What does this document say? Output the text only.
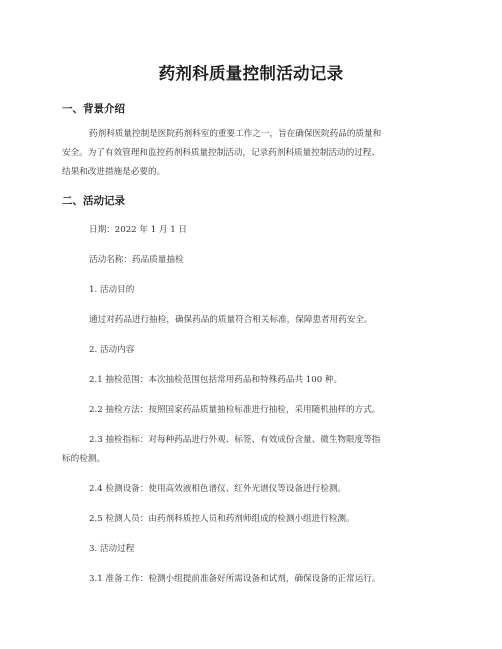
药剂科质量控制活动记录
一、背景介绍
药剂科质量控制是医院药剂科室的重要工作之一，旨在确保医院药品的质量和
安全。为了有效管理和监控药剂科质量控制活动，记录药剂科质量控制活动的过程、
结果和改进措施是必要的。
二、活动记录
日期：2022 年 1 月 1 日
活动名称：药品质量抽检
1. 活动目的
通过对药品进行抽检，确保药品的质量符合相关标准，保障患者用药安全。
2. 活动内容
2.1 抽检范围：本次抽检范围包括常用药品和特殊药品共 100 种。
2.2 抽检方法：按照国家药品质量抽检标准进行抽检，采用随机抽样的方式。
2.3 抽检指标：对每种药品进行外观、标签、有效成份含量、微生物限度等指
标的检测。
2.4 检测设备：使用高效液相色谱仪、红外光谱仪等设备进行检测。
2.5 检测人员：由药剂科质控人员和药剂师组成的检测小组进行检测。
3. 活动过程
3.1 准备工作：检测小组提前准备好所需设备和试剂，确保设备的正常运行。
